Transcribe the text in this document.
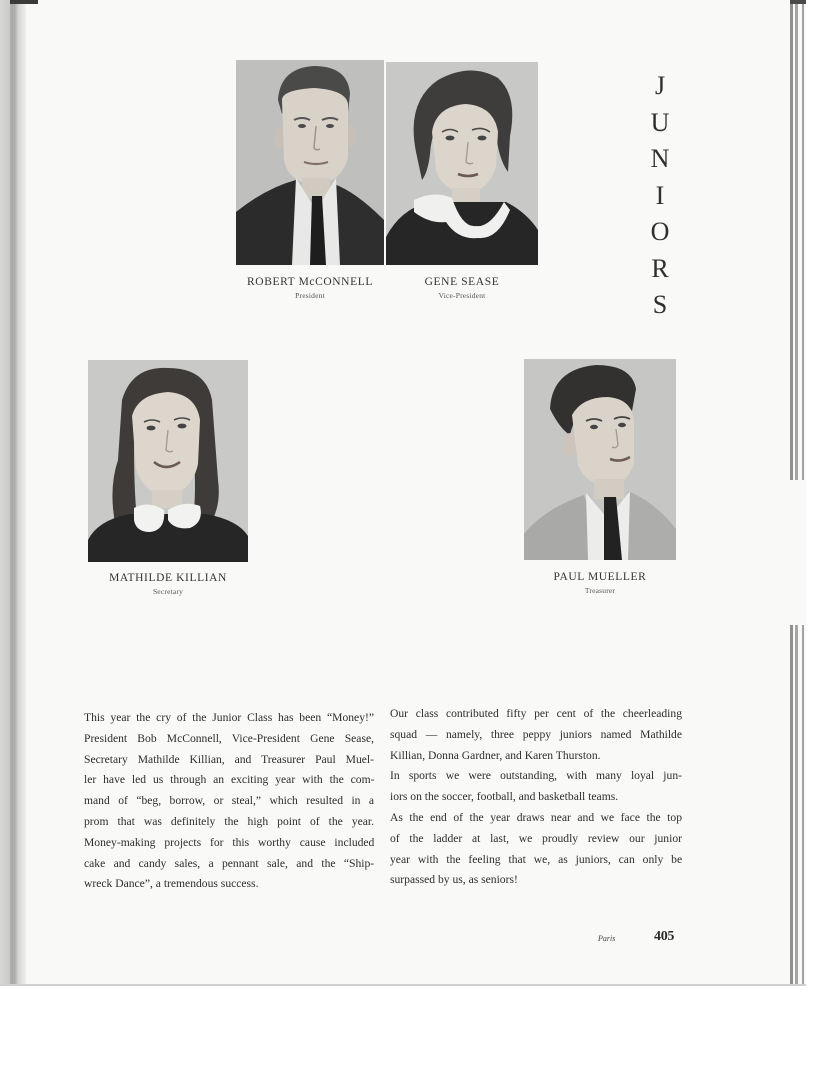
ROBERT McCONNELL
President
GENE SEASE
Vice-President
MATHILDE KILLIAN
Secretary
PAUL MUELLER
Treasurer
J
U
N
I
O
R
S
This year the cry of the Junior Class has been “Money!”
President Bob McConnell, Vice-President Gene Sease,
Secretary Mathilde Killian, and Treasurer Paul Muel-
ler have led us through an exciting year with the com-
mand of “beg, borrow, or steal,” which resulted in a
prom that was definitely the high point of the year.
Money-making projects for this worthy cause included
cake and candy sales, a pennant sale, and the “Ship-
wreck Dance”, a tremendous success.
Our class contributed fifty per cent of the cheerleading
squad — namely, three peppy juniors named Mathilde
Killian, Donna Gardner, and Karen Thurston.
In sports we were outstanding, with many loyal jun-
iors on the soccer, football, and basketball teams.
As the end of the year draws near and we face the top
of the ladder at last, we proudly review our junior
year with the feeling that we, as juniors, can only be
surpassed by us, as seniors!
Paris	405
